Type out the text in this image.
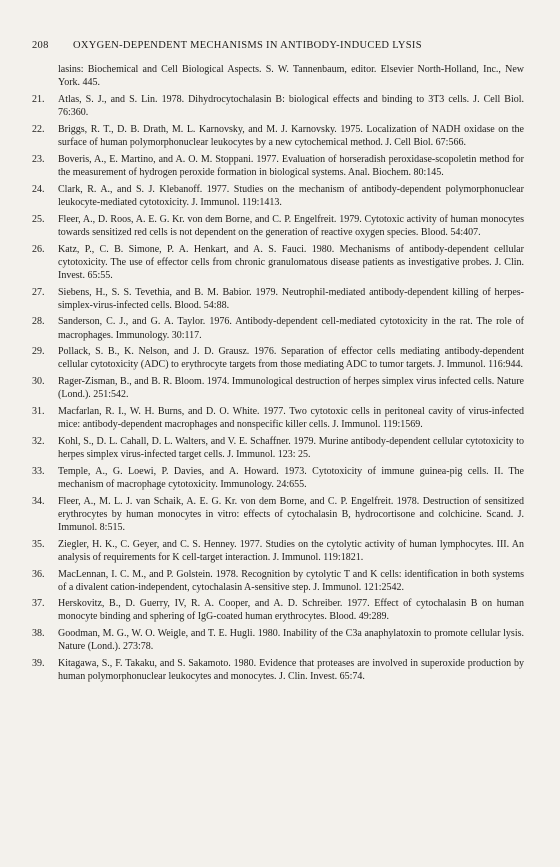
208 OXYGEN-DEPENDENT MECHANISMS IN ANTIBODY-INDUCED LYSIS
lasins: Biochemical and Cell Biological Aspects. S. W. Tannenbaum, editor. Elsevier North-Holland, Inc., New York. 445.
21.	Atlas, S. J., and S. Lin. 1978. Dihydrocytochalasin B: biological effects and binding to 3T3 cells. J. Cell Biol. 76:360.
22.	Briggs, R. T., D. B. Drath, M. L. Karnovsky, and M. J. Karnovsky. 1975. Localization of NADH oxidase on the surface of human polymorphonuclear leukocytes by a new cytochemical method. J. Cell Biol. 67:566.
23.	Boveris, A., E. Martino, and A. O. M. Stoppani. 1977. Evaluation of horseradish peroxidase-scopoletin method for the measurement of hydrogen peroxide formation in biological systems. Anal. Biochem. 80:145.
24.	Clark, R. A., and S. J. Klebanoff. 1977. Studies on the mechanism of antibody-dependent polymorphonuclear leukocyte-mediated cytotoxicity. J. Immunol. 119:1413.
25.	Fleer, A., D. Roos, A. E. G. Kr. von dem Borne, and C. P. Engelfreit. 1979. Cytotoxic activity of human monocytes towards sensitized red cells is not dependent on the generation of reactive oxygen species. Blood. 54:407.
26.	Katz, P., C. B. Simone, P. A. Henkart, and A. S. Fauci. 1980. Mechanisms of antibody-dependent cellular cytotoxicity. The use of effector cells from chronic granulomatous disease patients as investigative probes. J. Clin. Invest. 65:55.
27.	Siebens, H., S. S. Tevethia, and B. M. Babior. 1979. Neutrophil-mediated antibody-dependent killing of herpes-simplex-virus-infected cells. Blood. 54:88.
28.	Sanderson, C. J., and G. A. Taylor. 1976. Antibody-dependent cell-mediated cytotoxicity in the rat. The role of macrophages. Immunology. 30:117.
29.	Pollack, S. B., K. Nelson, and J. D. Grausz. 1976. Separation of effector cells mediating antibody-dependent cellular cytotoxicity (ADC) to erythrocyte targets from those mediating ADC to tumor targets. J. Immunol. 116:944.
30.	Rager-Zisman, B., and B. R. Bloom. 1974. Immunological destruction of herpes simplex virus infected cells. Nature (Lond.). 251:542.
31.	Macfarlan, R. I., W. H. Burns, and D. O. White. 1977. Two cytotoxic cells in peritoneal cavity of virus-infected mice: antibody-dependent macrophages and nonspecific killer cells. J. Immunol. 119:1569.
32.	Kohl, S., D. L. Cahall, D. L. Walters, and V. E. Schaffner. 1979. Murine antibody-dependent cellular cytotoxicity to herpes simplex virus-infected target cells. J. Immunol. 123: 25.
33.	Temple, A., G. Loewi, P. Davies, and A. Howard. 1973. Cytotoxicity of immune guinea-pig cells. II. The mechanism of macrophage cytotoxicity. Immunology. 24:655.
34.	Fleer, A., M. L. J. van Schaik, A. E. G. Kr. von dem Borne, and C. P. Engelfreit. 1978. Destruction of sensitized erythrocytes by human monocytes in vitro: effects of cytochalasin B, hydrocortisone and colchicine. Scand. J. Immunol. 8:515.
35.	Ziegler, H. K., C. Geyer, and C. S. Henney. 1977. Studies on the cytolytic activity of human lymphocytes. III. An analysis of requirements for K cell-target interaction. J. Immunol. 119:1821.
36.	MacLennan, I. C. M., and P. Golstein. 1978. Recognition by cytolytic T and K cells: identification in both systems of a divalent cation-independent, cytochalasin A-sensitive step. J. Immunol. 121:2542.
37.	Herskovitz, B., D. Guerry, IV, R. A. Cooper, and A. D. Schreiber. 1977. Effect of cytochalasin B on human monocyte binding and sphering of IgG-coated human erythrocytes. Blood. 49:289.
38.	Goodman, M. G., W. O. Weigle, and T. E. Hugli. 1980. Inability of the C3a anaphylatoxin to promote cellular lysis. Nature (Lond.). 273:78.
39.	Kitagawa, S., F. Takaku, and S. Sakamoto. 1980. Evidence that proteases are involved in superoxide production by human polymorphonuclear leukocytes and monocytes. J. Clin. Invest. 65:74.
